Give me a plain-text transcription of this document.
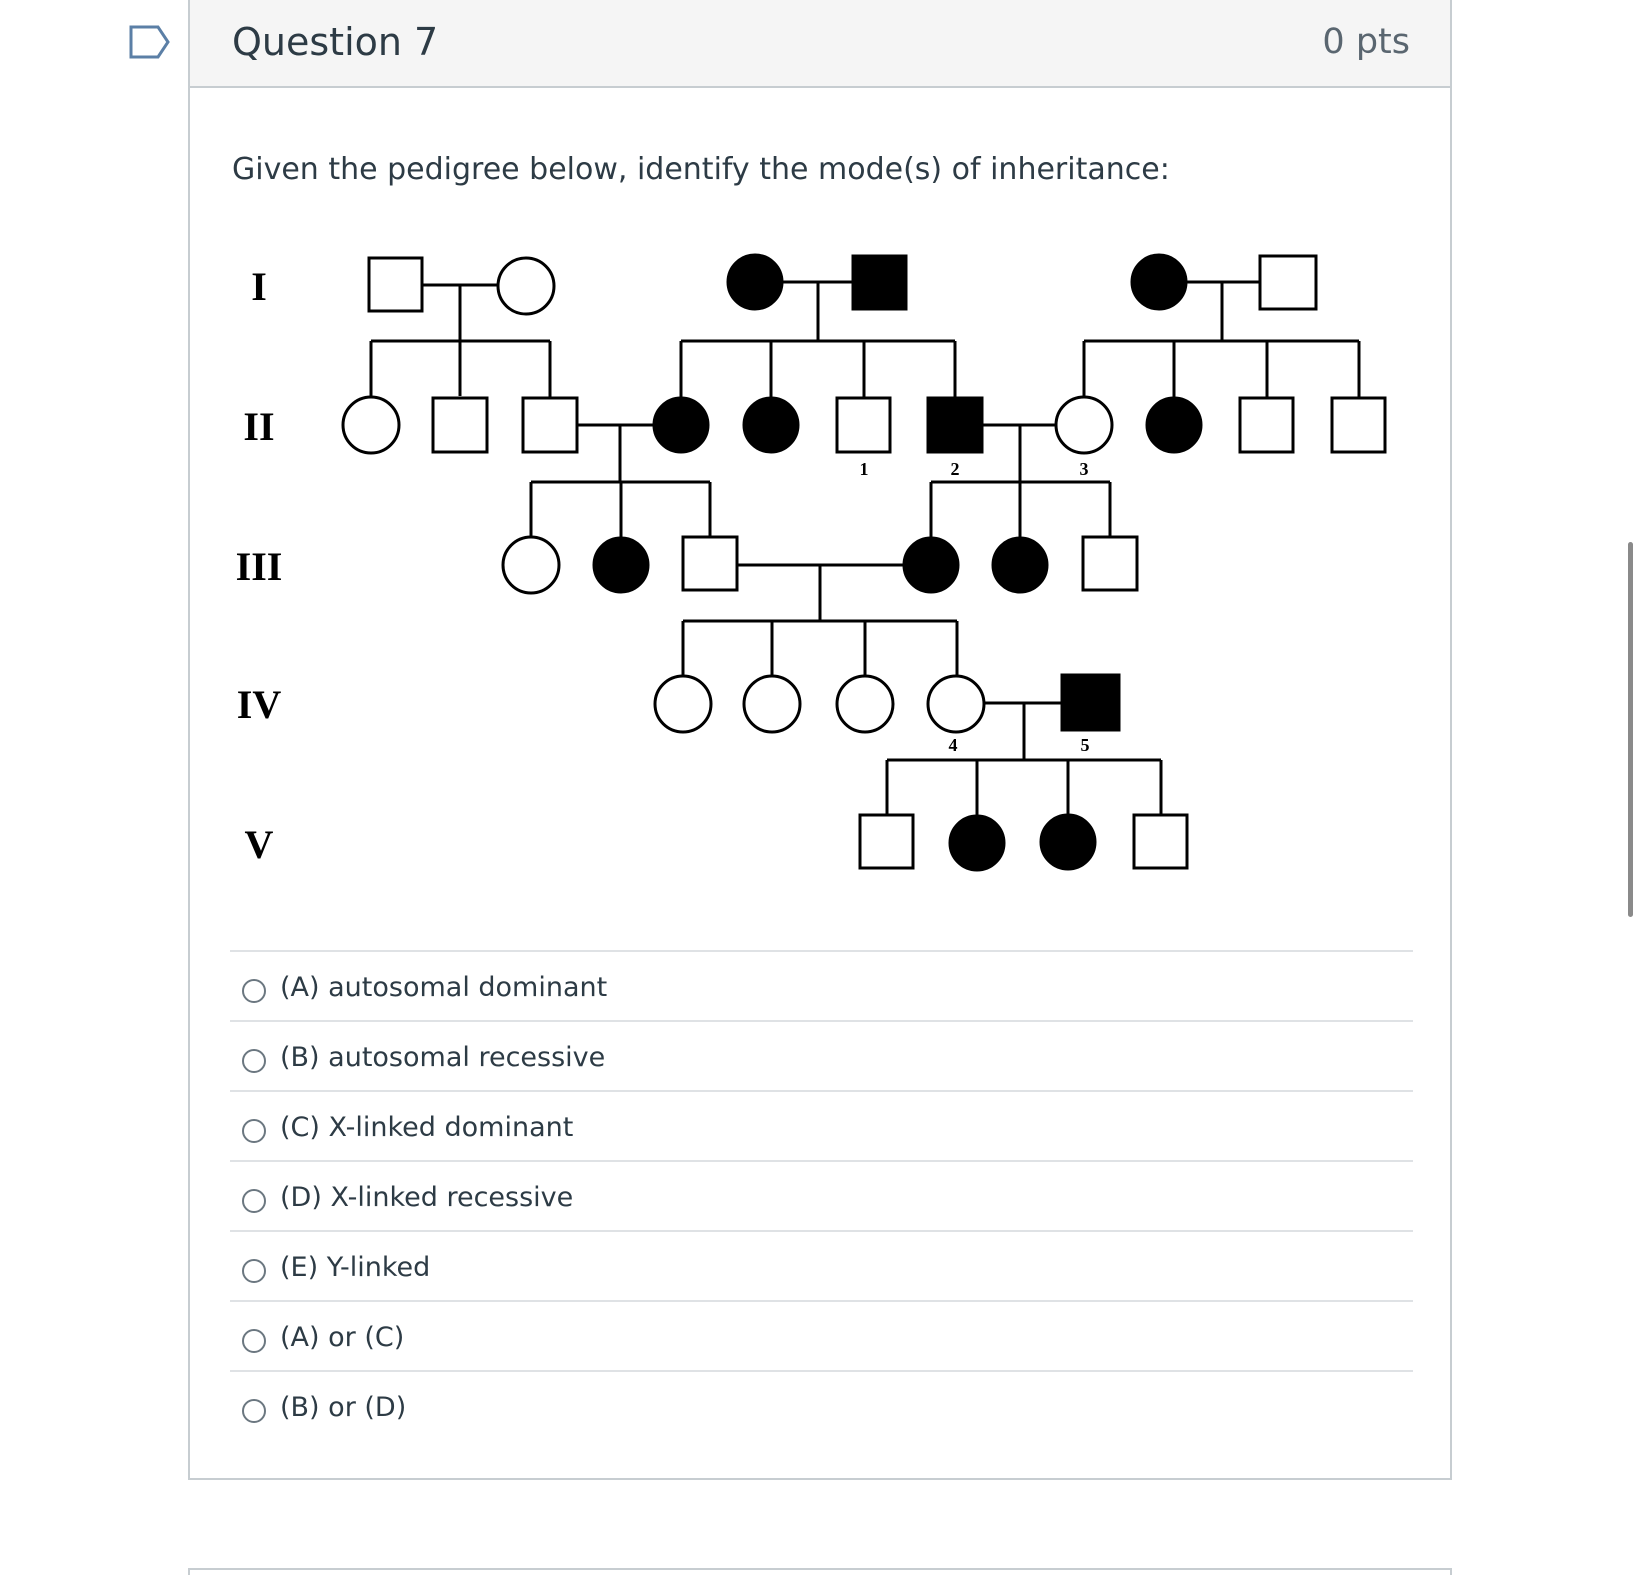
Question 7	0 pts
Given the pedigree below, identify the mode(s) of inheritance:
I
II
III
IV
V
1	2	3
4	5
(A) autosomal dominant
(B) autosomal recessive
(C) X-linked dominant
(D) X-linked recessive
(E) Y-linked
(A) or (C)
(B) or (D)
